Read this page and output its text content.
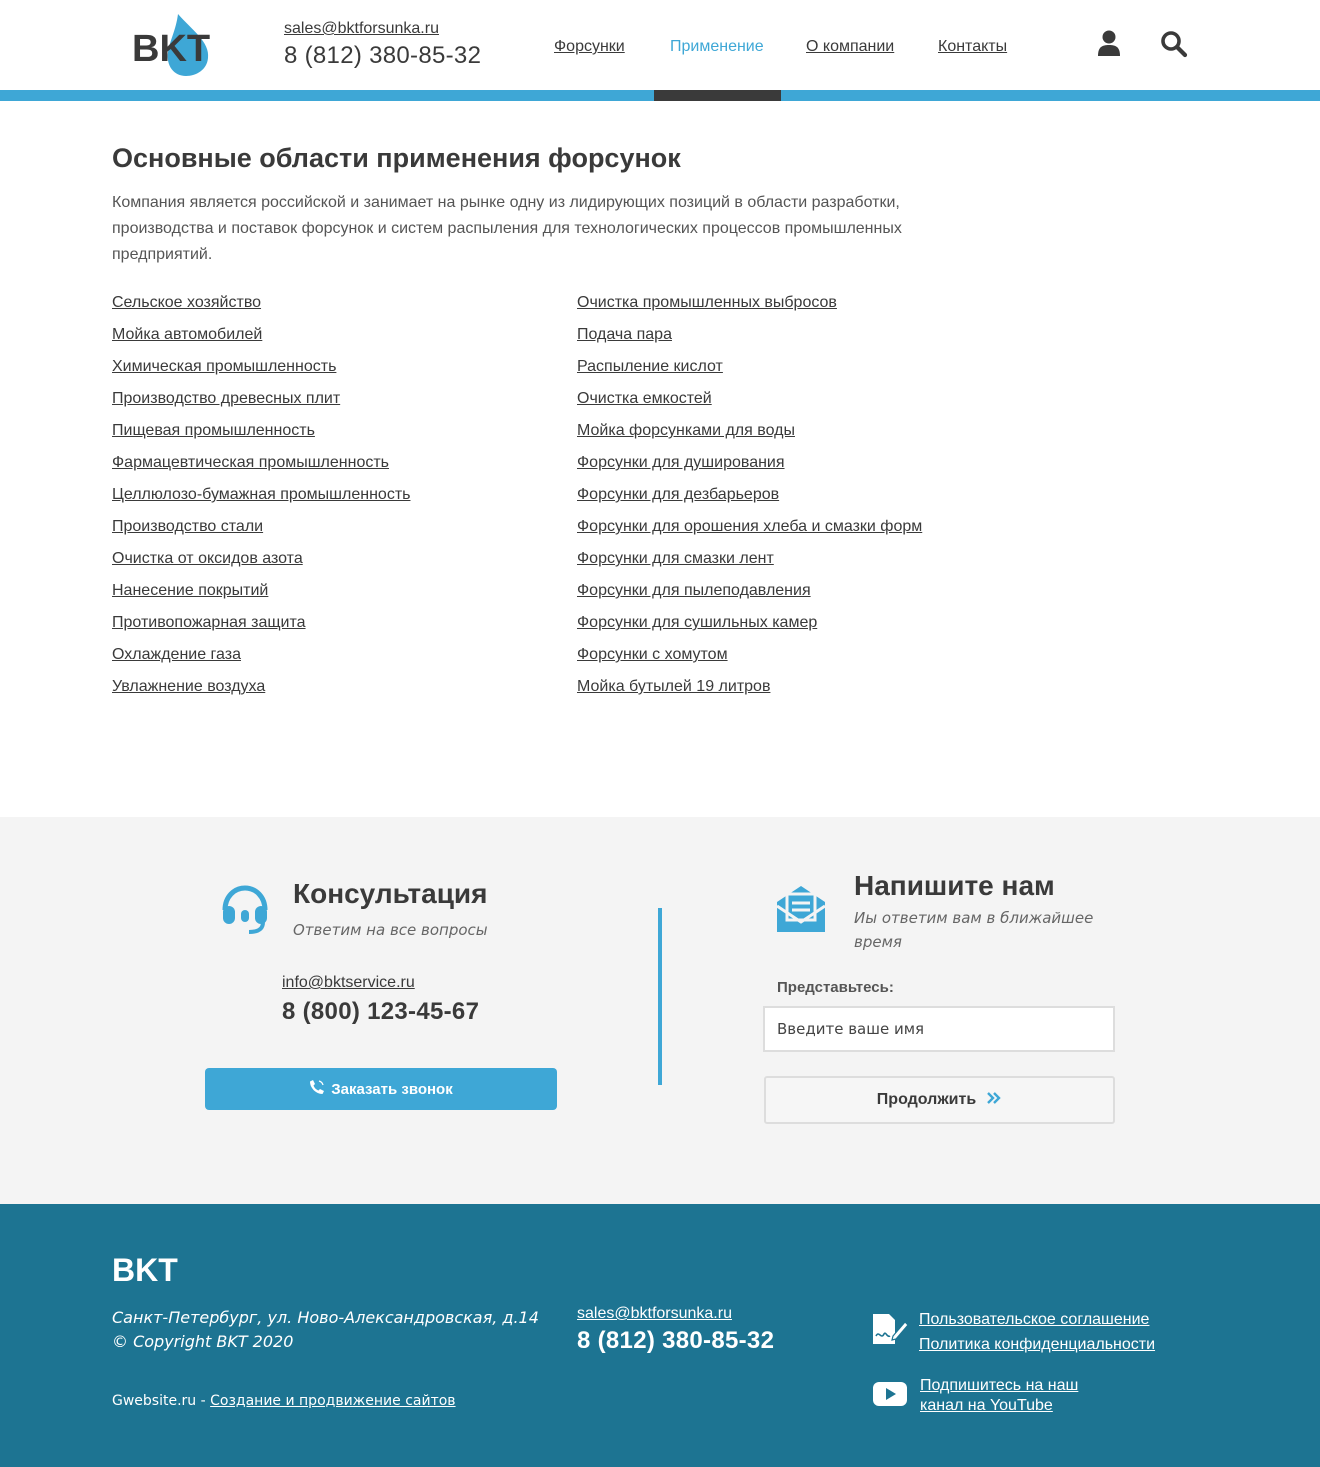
BKT	sales@bktforsunka.ru
8 (812) 380-85-32	Форсунки	Применение	О компании	Контакты
Основные области применения форсунок

Компания является российской и занимает на рынке одну из лидирующих позиций в области разработки, производства и поставок форсунок и систем распыления для технологических процессов промышленных предприятий.

Сельское хозяйство
Мойка автомобилей
Химическая промышленность
Производство древесных плит
Пищевая промышленность
Фармацевтическая промышленность
Целлюлозо-бумажная промышленность
Производство стали
Очистка от оксидов азота
Нанесение покрытий
Противопожарная защита
Охлаждение газа
Увлажнение воздуха
Очистка промышленных выбросов
Подача пара
Распыление кислот
Очистка емкостей
Мойка форсунками для воды
Форсунки для душирования
Форсунки для дезбарьеров
Форсунки для орошения хлеба и смазки форм
Форсунки для смазки лент
Форсунки для пылеподавления
Форсунки для сушильных камер
Форсунки с хомутом
Мойка бутылей 19 литров
Консультация

Ответим на все вопросы

info@bktservice.ru
8 (800) 123-45-67
Заказать звонок
Напишите нам

Иы ответим вам в ближайшее время

Представьтесь:
Введите ваше имя
Продолжить
BKT
Санкт-Петербург, ул. Ново-Александровская, д.14
© Copyright BKT 2020
Gwebsite.ru - Создание и продвижение сайтов
sales@bktforsunka.ru
8 (812) 380-85-32
Пользовательское соглашение
Политика конфиденциальности
Подпишитесь на наш канал на YouTube
